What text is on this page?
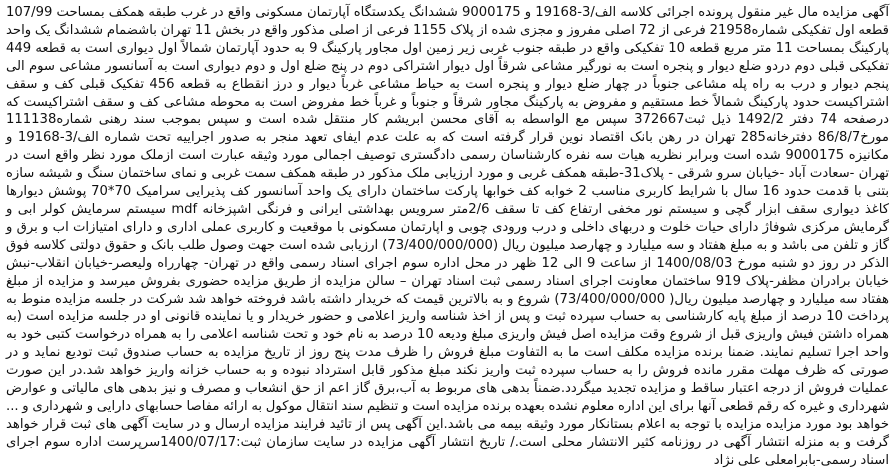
آگهی مزایده مال غیر منقول پرونده اجرائی کلاسه الف/3-19168 و 9000175 ششدانگ یکدستگاه آپارتمان مسکونی واقع در غرب طبقه همکف بمساحت 107/99 قطعه اول تفکیکی شماره21958 فرعی از 72 اصلی مفروز و مجزی شده از پلاک 1155 فرعی از اصلی مذکور واقع در بخش 11 تهران باشضمام ششدانگ یک واحد پارکینگ بمساحت 11 متر مربع قطعه 10 تفکیکی واقع در طبقه جنوب غربی زیر زمین اول مجاور پارکینگ 9 به حدود آپارتمان شمالاً اول دیواری است به قطعه 449 تفکیکی قبلی دوم دردو ضلع دیوار و پنجره است به نورگیر مشاعی شرقاً اول دیوار اشتراکی دوم در پنج ضلع اول و دوم دیواری است به آسانسور مشاعی سوم الی پنجم دیوار و درب به راه پله مشاعی جنوباً در چهار ضلع دیوار و پنجره است به حیاط مشاعی غرباً دیوار و درز انقطاع به قطعه 456 تفکیک قبلی کف و سقف اشتراکیست حدود پارکینگ شمالاً خط مستقیم و مفروض به پارکینگ مجاور شرقاً و جنوباً و غرباً خط مفروض است به محوطه مشاعی کف و سقف اشتراکیست که درصفحه 74 دفتر 1492/2 ذیل ثبت372667 سپس مع الواسطه به آقای محسن ابریشم کار منتقل شده است و سپس بموجب سند رهنی شماره111138 مورخ86/8/7 دفترخانه285 تهران در رهن بانک اقتصاد نوین قرار گرفته است که به علت عدم ایفای تعهد منجر به صدور اجراییه تحت شماره الف/3-19168 و مکانیزه 9000175 شده است وبرابر نظریه هیات سه نفره کارشناسان رسمی دادگستری توصیف اجمالی مورد وثیقه عبارت است ازملک مورد نظر واقع است در تهران -سعادت آباد -خیابان سرو شرقی - پلاک31-طبقه همکف غربی و مورد ارزیابی ملک مذکور در طبقه همکف سمت غربی و نمای ساختمان سنگ و شیشه سازه بتنی با قدمت حدود 16 سال با شرایط کاربری مناسب 2 خوابه کف خوابها پارکت ساختمان دارای یک واحد آسانسور کف پذیرایی سرامیک 70*70 پوشش دیوارها کاغذ دیواری سقف ابزار گچی و سیستم نور مخفی ارتفاع کف تا سقف 2/6متر سرویس بهداشتی ایرانی و فرنگی اشپزخانه mdf سیستم سرمایش کولر ابی و گرمایش مرکزی شوفاژ دارای حیات خلوت و دربهای داخلی و درب ورودی چوبی و اپارتمان مسکونی با موقعیت و کاربری عملی اداری و دارای امتیازات اب و برق و گاز و تلفن می باشد و به مبلغ هفتاد و سه میلیارد و چهارصد میلیون ریال (73/400/000/000) ارزیابی شده است جهت وصول طلب بانک و حقوق دولتی کلاسه فوق الذکر در روز دو شنبه مورخ 1400/08/03 از ساعت 9 الی 12 ظهر در محل اداره سوم اجرای اسناد رسمی واقع در تهران- چهارراه ولیعصر-خیابان انقلاب-نبش خیابان برادران مظفر-پلاک 919 ساختمان معاونت اجرای اسناد رسمی ثبت اسناد تهران – سالن مزایده از طریق مزایده حضوری بفروش میرسد و مزایده از مبلغ هفتاد سه میلیارد و چهارصد میلیون ریال( 73/400/000/000) شروع و به بالاترین قیمت که خریدار داشته باشد فروخته خواهد شد شرکت در جلسه مزایده منوط به پرداخت 10 درصد از مبلغ پایه کارشناسی به حساب سپرده ثبت و پس از اخذ شناسه واریز اعلامی و حضور خریدار و یا نماینده قانونی او در جلسه مزایده است (به همراه داشتن فیش واریزی قبل از شروع وقت مزایده اصل فیش واریزی مبلغ ودیعه 10 درصد به نام خود و تحت شناسه اعلامی را به همراه درخواست کتبی خود به واحد اجرا تسلیم نمایند. ضمنا برنده مزایده مکلف است ما به التفاوت مبلغ فروش را ظرف مدت پنج روز از تاریخ مزایده به حساب صندوق ثبت تودیع نماید و در صورتی که ظرف مهلت مقرر مانده فروش را به حساب سپرده ثبت واریز نکند مبلغ مذکور قابل استرداد نبوده و به حساب خزانه واریز خواهد شد.در این صورت عملیات فروش از درجه اعتبار ساقط و مزایده تجدید میگردد.ضمناً بدهی های مربوط به آب،برق گاز اعم از حق انشعاب و مصرف و نیز بدهی های مالیاتی و عوارض شهرداری و غیره که رقم قطعی آنها برای این اداره معلوم نشده بعهده برنده مزایده است و تنظیم سند انتقال موکول به ارائه مفاصا حسابهای دارایی و شهرداری و ... خواهد بود مورد مزایده مزایده با توجه به اعلام بستانکار مورد وثیقه بیمه می باشد.این آگهی پس از تائید فرایند مزایده ارسال و در سایت آگهی های ثبت قرار خواهد گرفت و به منزله انتشار آگهی در روزنامه کثیر الانتشار محلی است./ تاریخ انتشار آگهی مزایده در سایت سازمان ثبت:1400/07/17سرپرست اداره سوم اجرای اسناد رسمی-بابرامعلی علی نژاد
